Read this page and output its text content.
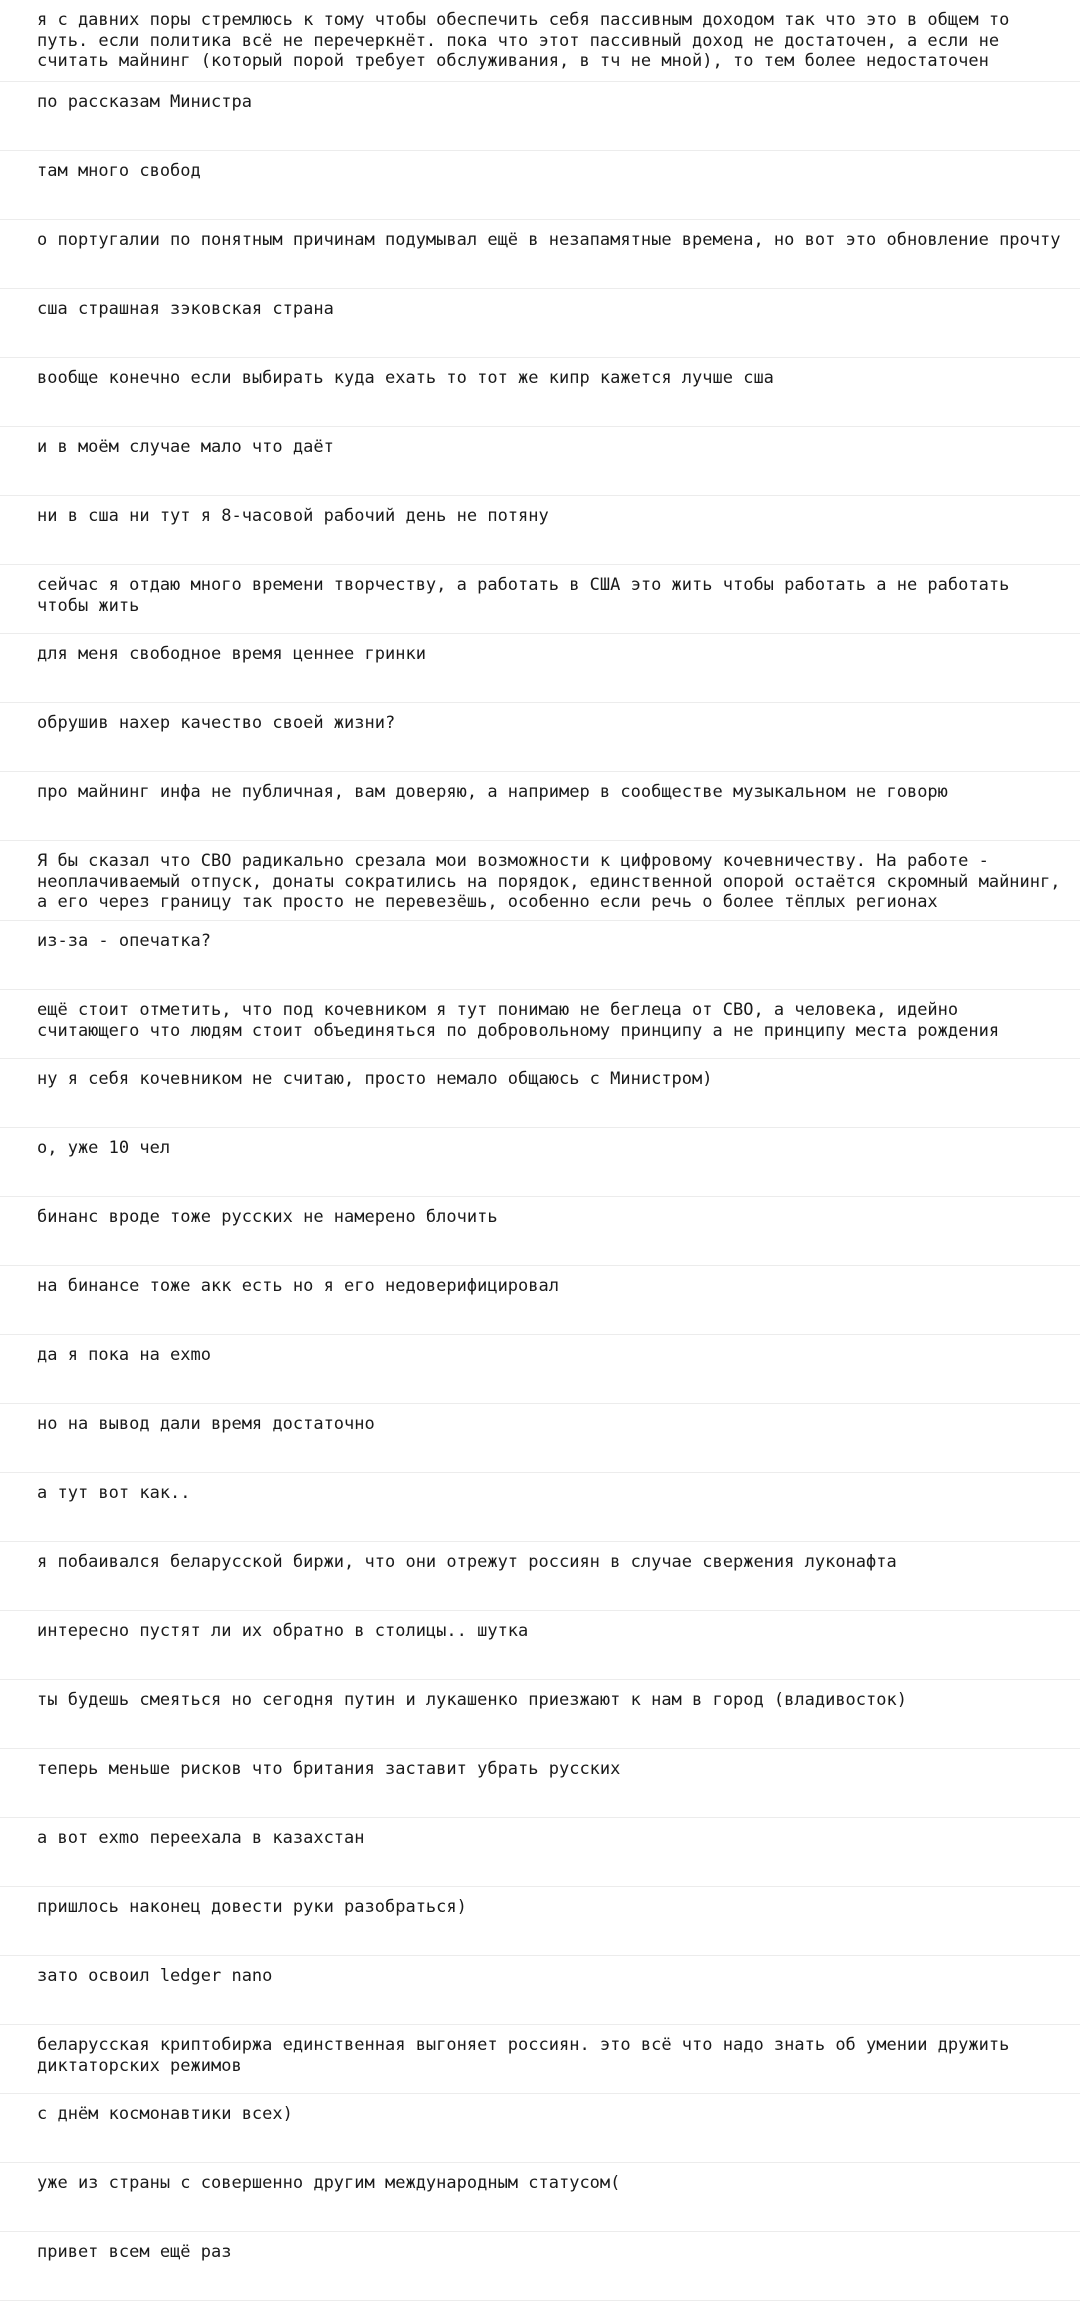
я с давних поры стремлюсь к тому чтобы обеспечить себя пассивным доходом так что это в общем то путь. если политика всё не перечеркнёт. пока что этот пассивный доход не достаточен, а если не считать майнинг (который порой требует обслуживания, в тч не мной), то тем более недостаточен
по рассказам Министра
там много свобод
о португалии по понятным причинам подумывал ещё в незапамятные времена, но вот это обновление прочту
сша страшная зэковская страна
вообще конечно если выбирать куда ехать то тот же кипр кажется лучше сша
и в моём случае мало что даёт
ни в сша ни тут я 8-часовой рабочий день не потяну
сейчас я отдаю много времени творчеству, а работать в США это жить чтобы работать а не работать чтобы жить
для меня свободное время ценнее гринки
обрушив нахер качество своей жизни?
про майнинг инфа не публичная, вам доверяю, а например в сообществе музыкальном не говорю
Я бы сказал что СВО радикально срезала мои возможности к цифровому кочевничеству. На работе - неоплачиваемый отпуск, донаты сократились на порядок, единственной опорой остаётся скромный майнинг, а его через границу так просто не перевезёшь, особенно если речь о более тёплых регионах
из-за - опечатка?
ещё стоит отметить, что под кочевником я тут понимаю не беглеца от СВО, а человека, идейно считающего что людям стоит объединяться по добровольному принципу а не принципу места рождения
ну я себя кочевником не считаю, просто немало общаюсь с Министром)
о, уже 10 чел
бинанс вроде тоже русских не намерено блочить
на бинансе тоже акк есть но я его недоверифицировал
да я пока на exmo
но на вывод дали время достаточно
а тут вот как..
я побаивался беларусской биржи, что они отрежут россиян в случае свержения луконафта
интересно пустят ли их обратно в столицы.. шутка
ты будешь смеяться но сегодня путин и лукашенко приезжают к нам в город (владивосток)
теперь меньше рисков что британия заставит убрать русских
а вот exmo переехала в казахстан
пришлось наконец довести руки разобраться)
зато освоил ledger nano
беларусская криптобиржа единственная выгоняет россиян. это всё что надо знать об умении дружить диктаторских режимов
с днём космонавтики всех)
уже из страны с совершенно другим международным статусом(
привет всем ещё раз
